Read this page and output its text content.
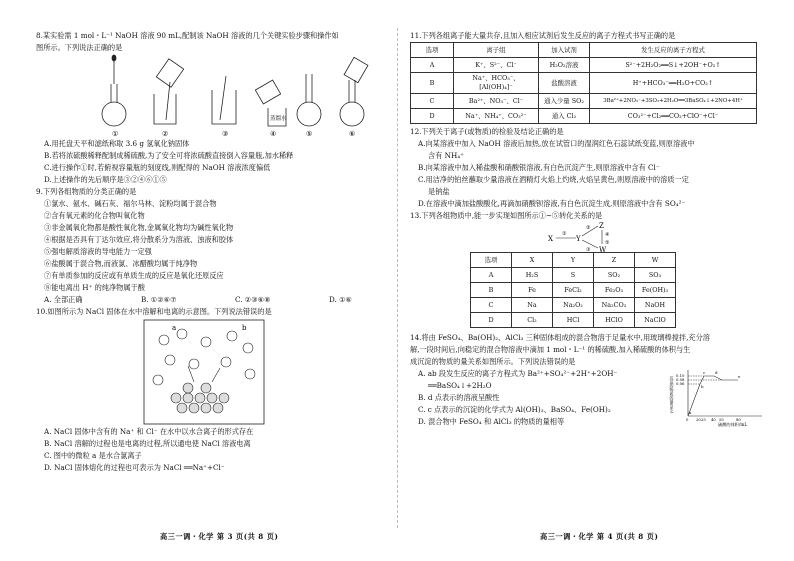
8.某实验需 1 mol・L⁻¹ NaOH 溶液 90 mL,配制该 NaOH 溶液的几个关键实验步骤和操作如

图所示。下列说法正确的是

①	②	③	④	⑤	⑥
蒸馏水

A.用托盘天平和滤纸称取 3.6 g 氢氧化钠固体

B.若将浓硫酸稀释配制成稀硫酸,为了安全可将浓硫酸直接倒入容量瓶,加水稀释

C.进行操作①时,若俯视容量瓶的刻度线,则配得的 NaOH 溶液浓度偏低

D.上述操作的先后顺序是③②④⑥①⑤

9.下列各组物质的分类正确的是

①氯水、氨水、碱石灰、福尔马林、淀粉均属于混合物

②含有氧元素的化合物叫氧化物

③非金属氧化物都是酸性氧化物,金属氧化物均为碱性氧化物

④根据是否具有丁达尔效应,将分散系分为溶液、浊液和胶体

⑤强电解质溶液的导电能力一定强

⑥盐酸属于混合物,而液氯、冰醋酸均属于纯净物

⑦有单质参加的反应或有单质生成的反应是氧化还原反应

⑧能电离出 H⁺ 的纯净物属于酸

A. 全部正确	B. ①②⑥⑦	C. ②③⑥⑧	D. ①⑥

10.如图所示为 NaCl 固体在水中溶解和电离的示意图。下列说法错误的是

a	b

A. NaCl 固体中含有的 Na⁺ 和 Cl⁻ 在水中以水合离子的形式存在

B. NaCl 溶解的过程也是电离的过程,所以通电使 NaCl 溶液电离

C. 图中的微粒 a 是水合氯离子

D. NaCl 固体熔化的过程也可表示为 NaCl ══Na⁺+Cl⁻

11.下列各组离子能大量共存,且加入相应试剂后发生反应的离子方程式书写正确的是

选项	离子组	加入试剂	发生反应的离子方程式
A	K⁺、S²⁻、Cl⁻	H₂O₂溶液	S²⁻+2H₂O₂══S↓+2OH⁻+O₂↑
B	Na⁺、HCO₃⁻、[Al(OH)₄]⁻	盐酸溶液	H⁺+HCO₃⁻══H₂O+CO₂↑
C	Ba²⁺、NO₃⁻、Cl⁻	通入少量 SO₂	3Ba²⁺+2NO₃⁻+3SO₂+2H₂O══3BaSO₄↓+2NO+4H⁺
D	Na⁺、NH₄⁺、CO₃²⁻	通入 Cl₂	CO₃²⁻+Cl₂══CO₂+ClO⁻+Cl⁻

12.下列关于离子(或物质)的检验及结论正确的是

A.向某溶液中加入 NaOH 溶液后加热,放在试管口的湿润红色石蕊试纸变蓝,则原溶液中

含有 NH₄⁺

B.向某溶液中加入稀盐酸和硝酸银溶液,有白色沉淀产生,则原溶液中含有 Cl⁻

C.用洁净的铂丝蘸取少量溶液在酒精灯火焰上灼烧,火焰呈黄色,则原溶液中的溶质一定

是钠盐

D.在溶液中滴加盐酸酸化,再滴加硝酸钡溶液,有白色沉淀生成,则原溶液中含有 SO₄²⁻

13.下列各组物质中,能一步实现如图所示①~⑤转化关系的是

X	Y
Z
W
①
②
③
④
⑤
选项	X	Y	Z	W
A	H₂S	S	SO₂	SO₃
B	Fe	FeCl₂	Fe₂O₃	Fe(OH)₃
C	Na	Na₂O₂	Na₂CO₃	NaOH
D	Cl₂	HCl	HClO	NaClO

14.将由 FeSO₄、Ba(OH)₂、AlCl₃ 三种固体组成的混合物溶于足量水中,用玻璃棒搅拌,充分溶

解,一段时间后,向稳定的混合物溶液中滴加 1 mol・L⁻¹ 的稀硫酸,加入稀硫酸的体积与生

成沉淀的物质的量关系如图所示。下列说法错误的是

A. ab 段发生反应的离子方程式为 Ba²⁺+SO₄²⁻+2H⁺+2OH⁻

══BaSO₄↓+2H₂O

B. d 点表示的溶液呈酸性

C. c 点表示的沉淀的化学式为 Al(OH)₃、BaSO₄、Fe(OH)₂

D. 混合物中 FeSO₄ 和 AlCl₃ 的物质的量相等

沉淀的物质的量/mol
硫酸的体积/mL
0.10
0.08
0.06
0 20 25 40 55	80
a
b
c d
e
高三一调・化学 第 3 页(共 8 页)	高三一调・化学 第 4 页(共 8 页)
